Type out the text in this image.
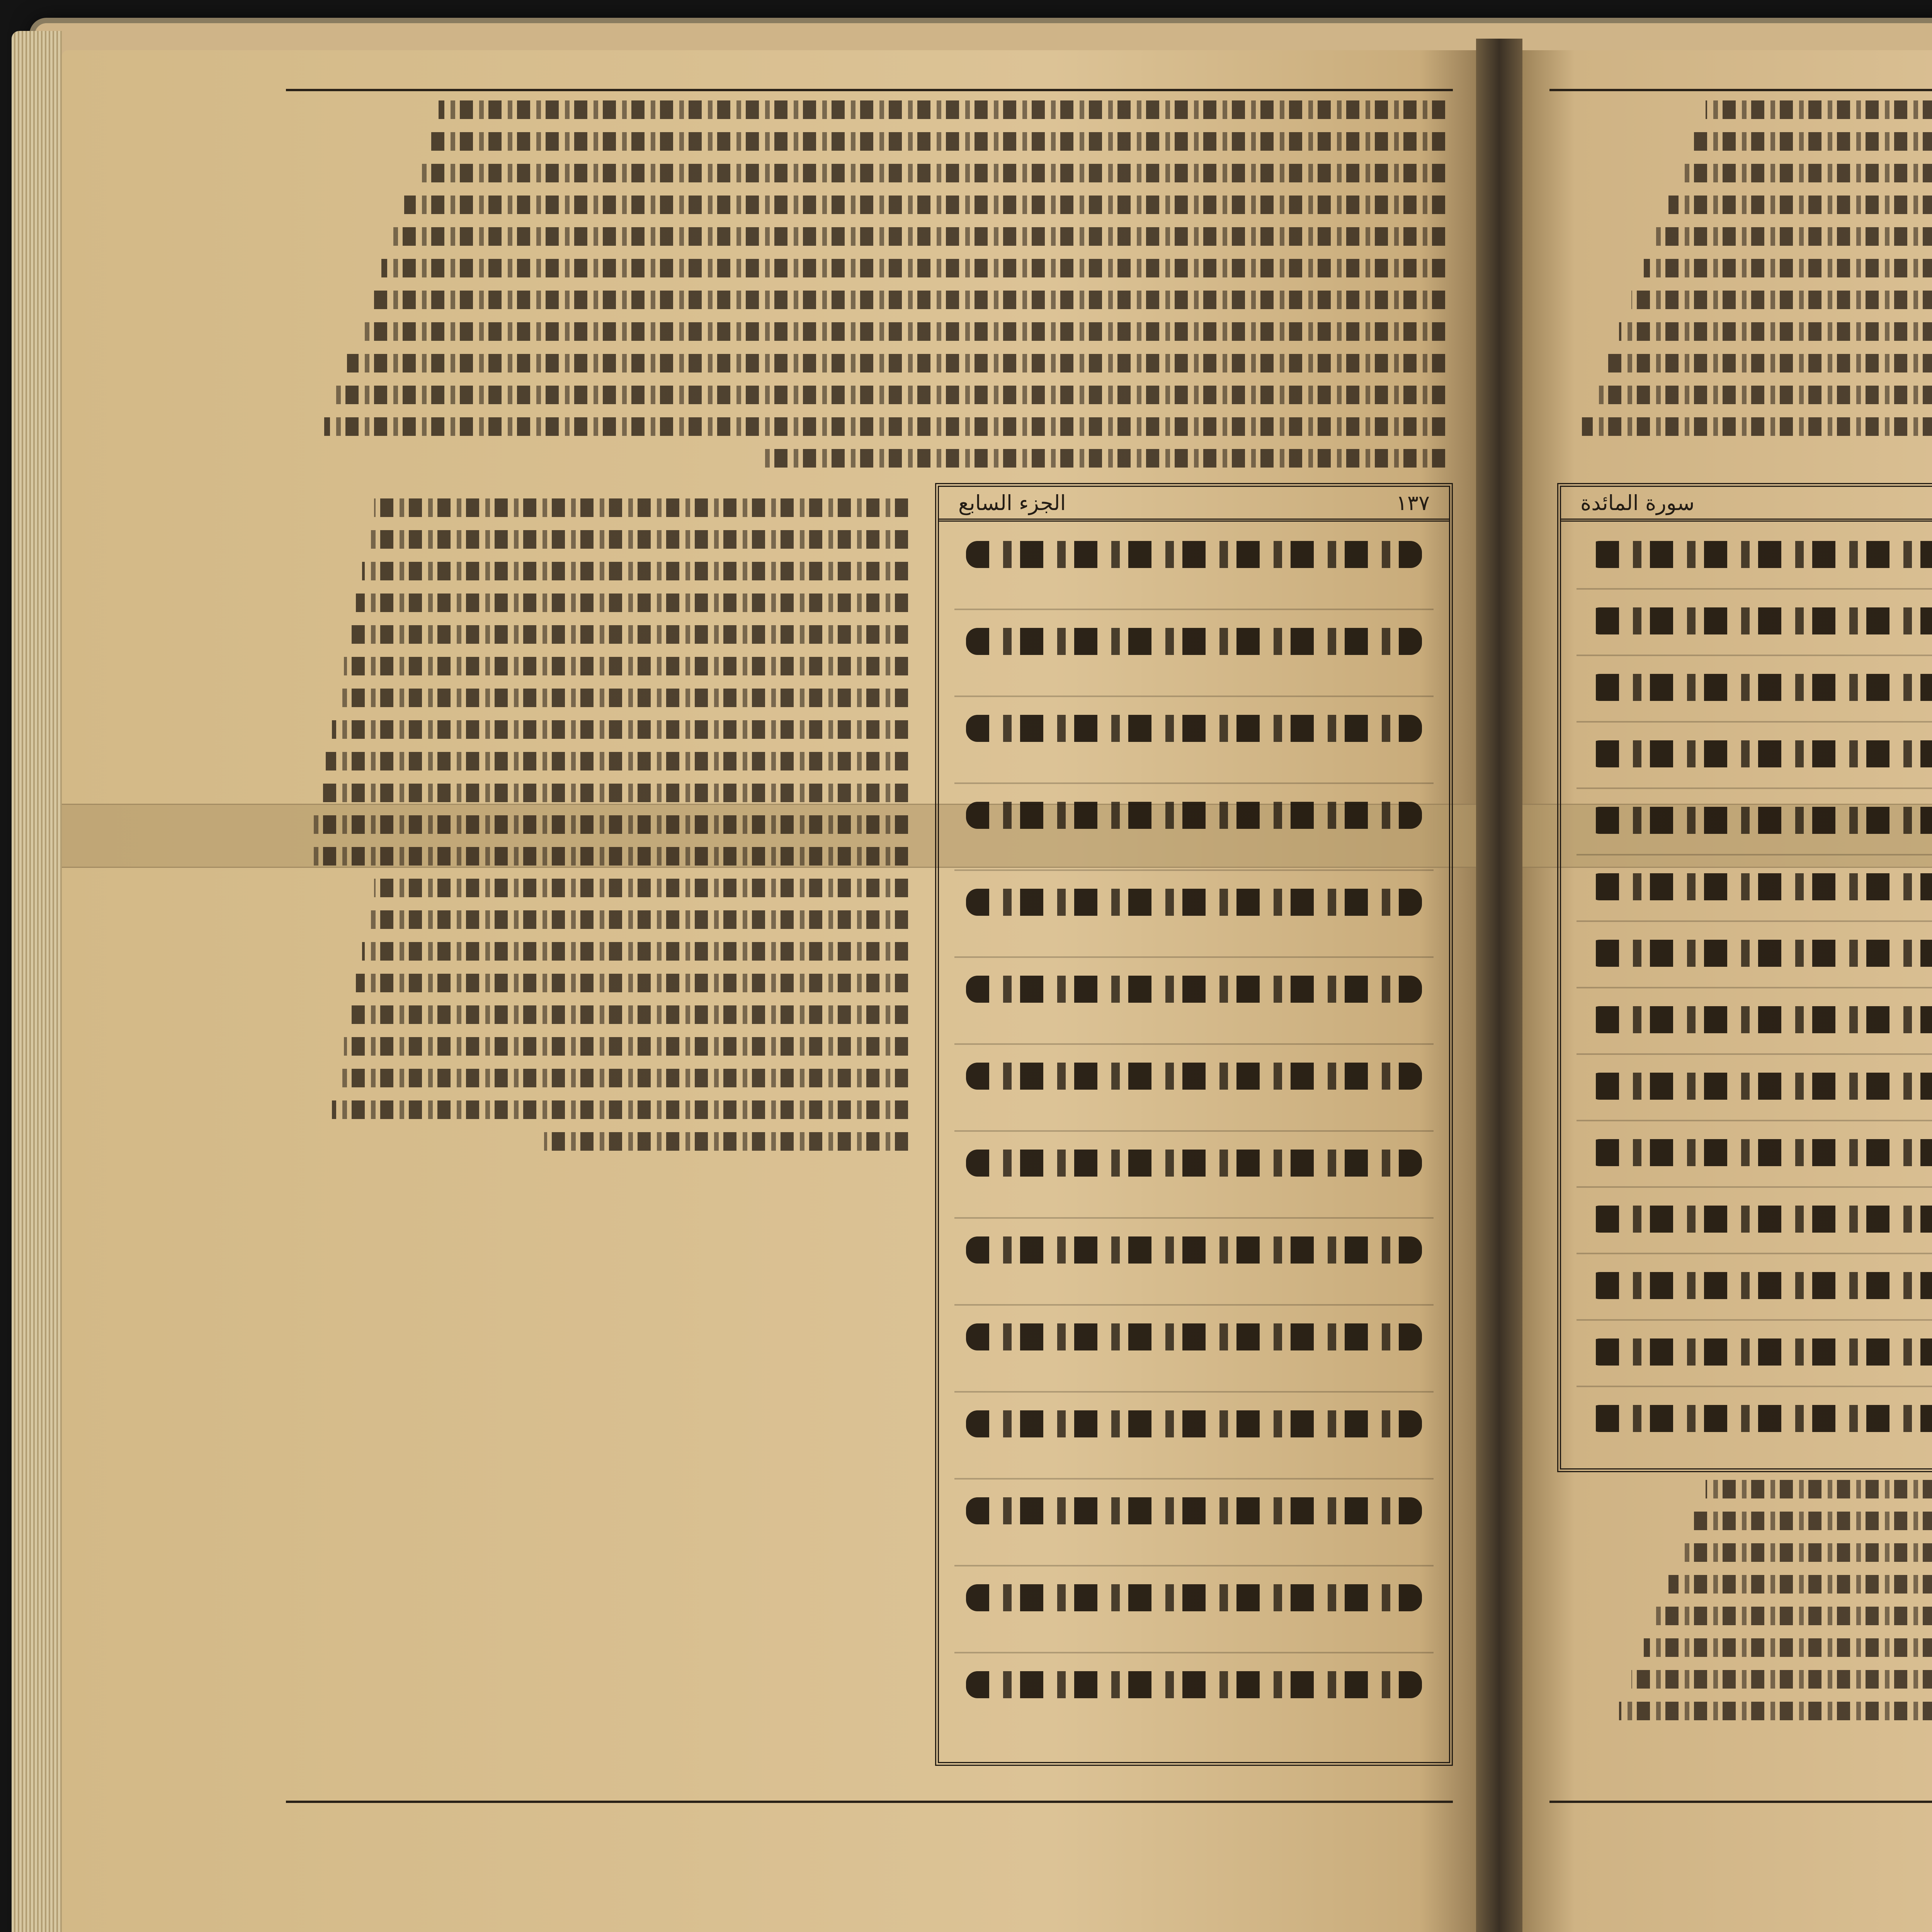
١٣٧
الجزء السابع	سورة المائدة
